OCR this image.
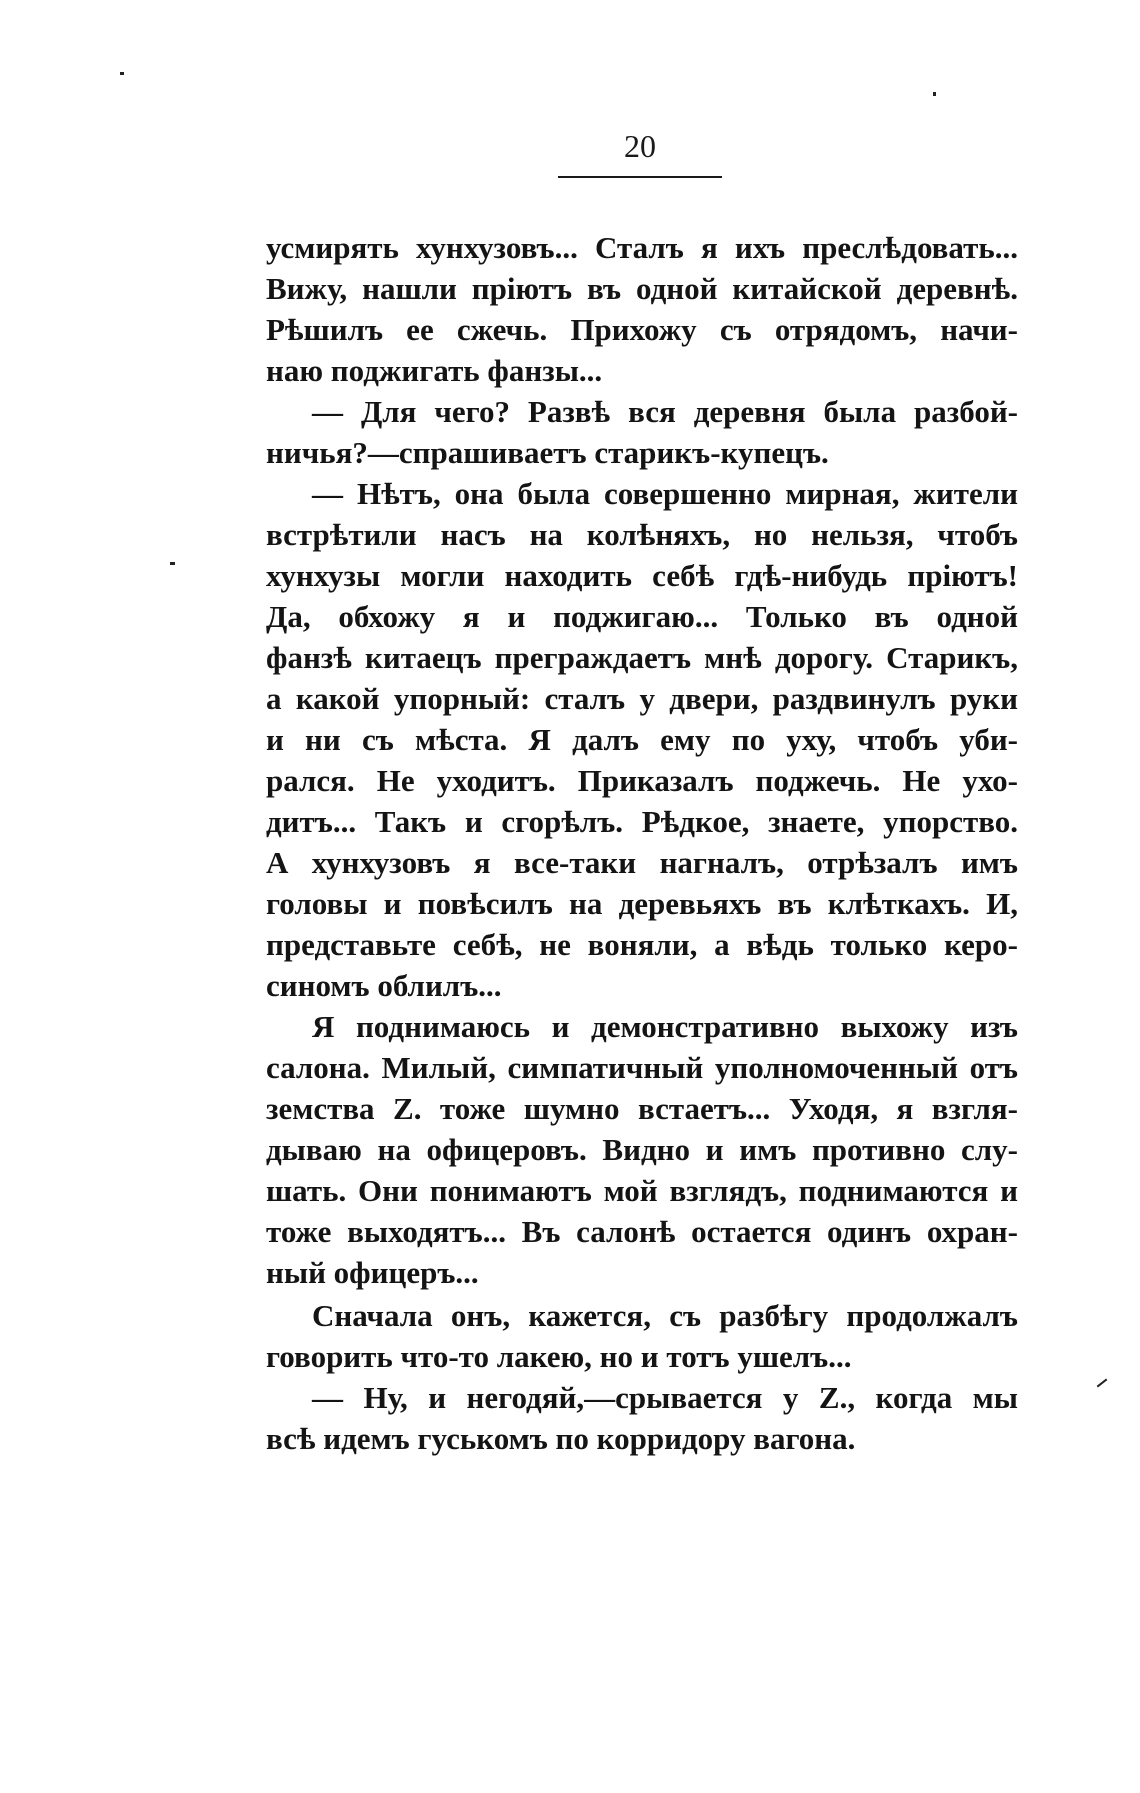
20
усмирять хунхузовъ... Сталъ я ихъ преслѣдовать...
Вижу, нашли пріютъ въ одной китайской деревнѣ.
Рѣшилъ ее сжечь. Прихожу съ отрядомъ, начи-
наю поджигать фанзы...
— Для чего? Развѣ вся деревня была разбой-
ничья?—спрашиваетъ старикъ-купецъ.
— Нѣтъ, она была совершенно мирная, жители
встрѣтили насъ на колѣняхъ, но нельзя, чтобъ
хунхузы могли находить себѣ гдѣ-нибудь пріютъ!
Да, обхожу я и поджигаю... Только въ одной
фанзѣ китаецъ преграждаетъ мнѣ дорогу. Старикъ,
а какой упорный: сталъ у двери, раздвинулъ руки
и ни съ мѣста. Я далъ ему по уху, чтобъ уби-
рался. Не уходитъ. Приказалъ поджечь. Не ухо-
дитъ... Такъ и сгорѣлъ. Рѣдкое, знаете, упорство.
А хунхузовъ я все-таки нагналъ, отрѣзалъ имъ
головы и повѣсилъ на деревьяхъ въ клѣткахъ. И,
представьте себѣ, не воняли, а вѣдь только керо-
синомъ облилъ...
Я поднимаюсь и демонстративно выхожу изъ
салона. Милый, симпатичный уполномоченный отъ
земства Z. тоже шумно встаетъ... Уходя, я взгля-
дываю на офицеровъ. Видно и имъ противно слу-
шать. Они понимаютъ мой взглядъ, поднимаются и
тоже выходятъ... Въ салонѣ остается одинъ охран-
ный офицеръ...
Сначала онъ, кажется, съ разбѣгу продолжалъ
говорить что-то лакею, но и тотъ ушелъ...
— Ну, и негодяй,—срывается у Z., когда мы
всѣ идемъ гуськомъ по корридору вагона.
